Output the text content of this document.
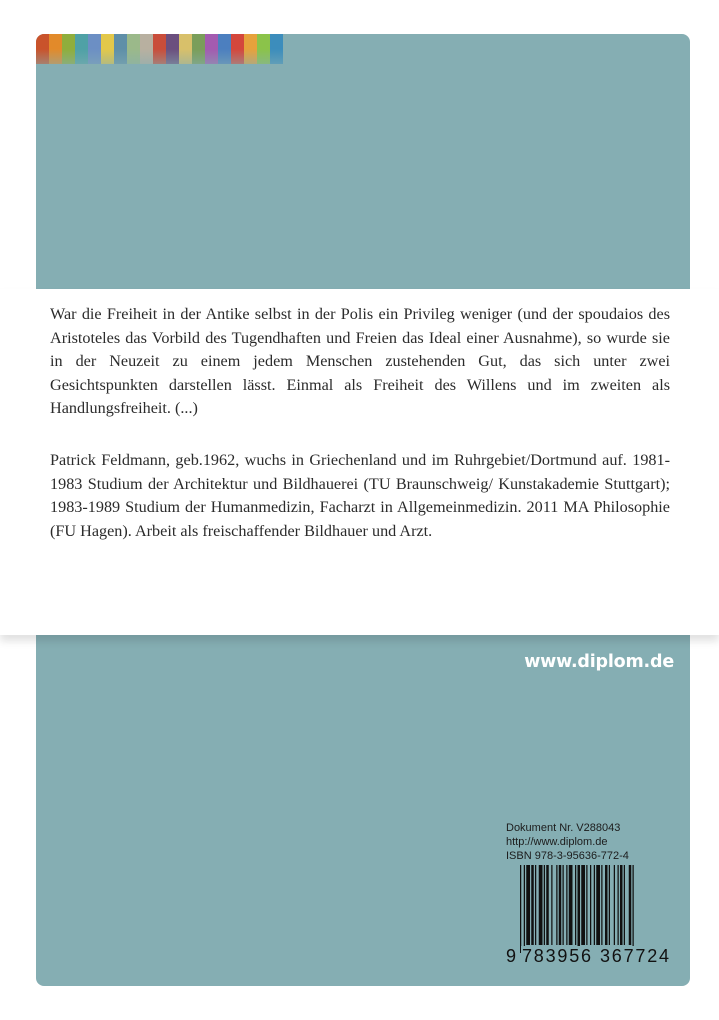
War die Freiheit in der Antike selbst in der Polis ein Privileg weniger (und der spoudaios des Aristoteles das Vorbild des Tugendhaften und Freien das Ideal einer Ausnahme), so wurde sie in der Neuzeit zu einem jedem Menschen zustehenden Gut, das sich unter zwei Gesichtspunkten darstellen lässt. Einmal als Freiheit des Willens und im zweiten als Handlungsfreiheit. (...)
Patrick Feldmann, geb.1962, wuchs in Griechenland und im Ruhrgebiet/Dortmund auf. 1981-1983 Studium der Architektur und Bildhauerei (TU Braunschweig/ Kunstakademie Stuttgart); 1983-1989 Studium der Humanmedizin, Facharzt in Allgemeinmedizin. 2011 MA Philosophie (FU Hagen). Arbeit als freischaffender Bildhauer und Arzt.
www.diplom.de
Dokument Nr. V288043
http://www.diplom.de
ISBN 978-3-95636-772-4
9 783956 367724
